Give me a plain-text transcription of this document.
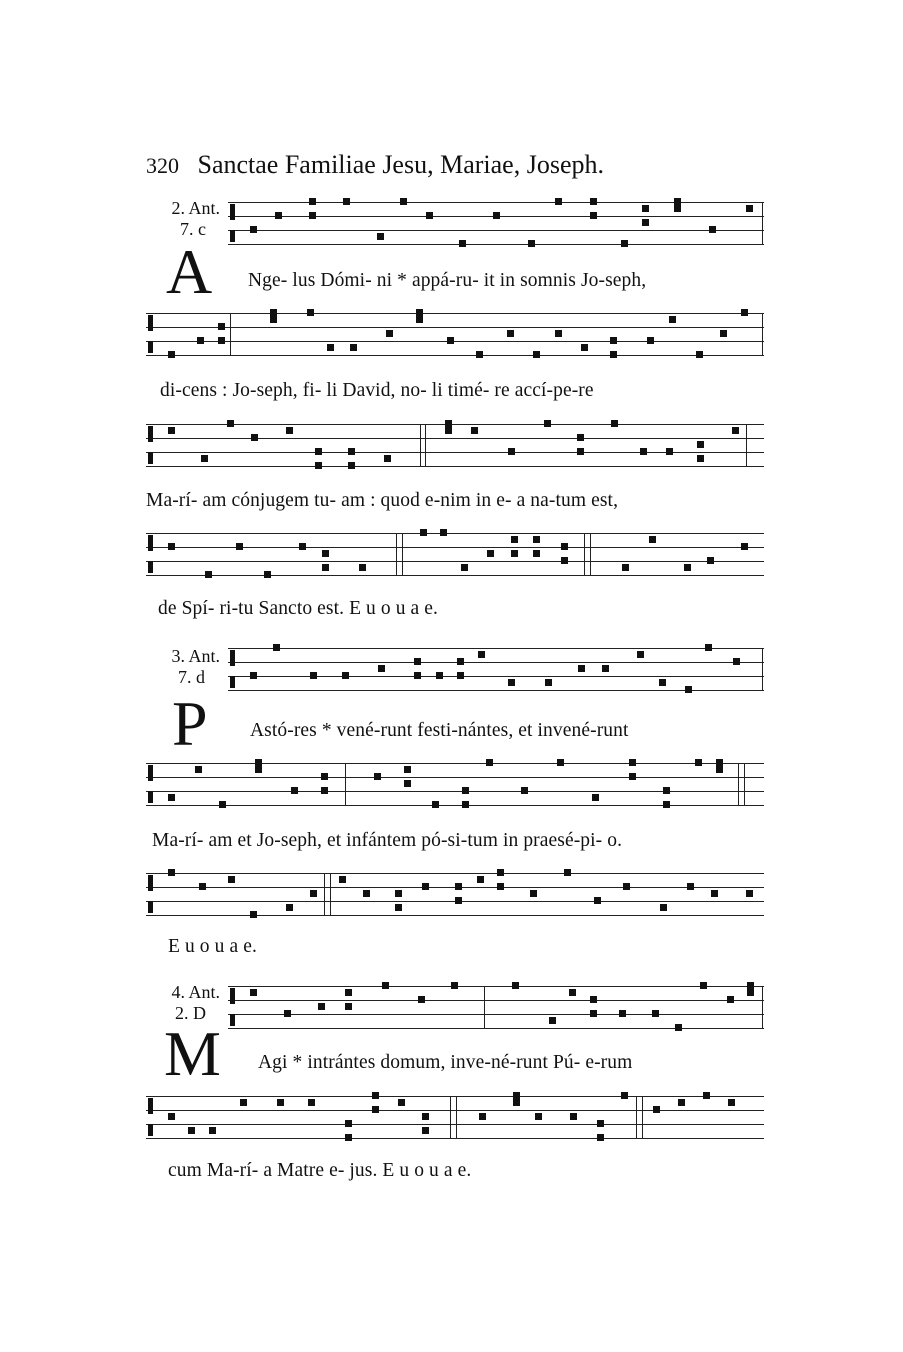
320 Sanctae Familiae Jesu, Mariae, Joseph.
2. Ant.
7. c
A Nge- lus Dómi- ni * appá-ru- it in somnis Jo-seph,
di-cens : Jo-seph, fi- li David, no- li timé- re accí-pe-re
Ma-rí- am cónjugem tu- am : quod e-nim in e- a na-tum est,
de Spí- ri-tu Sancto est. E u o u a e.
3. Ant.
7. d
P Astó-res * vené-runt festi-nántes, et invené-runt
Ma-rí- am et Jo-seph, et infántem pó-si-tum in praesé-pi- o.
E u o u a e.
4. Ant.
2. D
M Agi * intrántes domum, inve-né-runt Pú- e-rum
cum Ma-rí- a Matre e- jus. E u o u a e.
